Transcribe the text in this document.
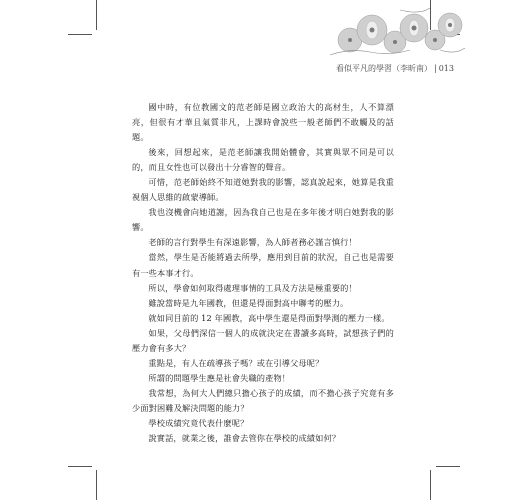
看似平凡的學習（李昕南） | 013

國中時，有位教國文的范老師是國立政治大的高材生，人不算漂亮，但很有才華且氣質非凡，上課時會說些一般老師們不敢觸及的話題。

後來，回想起來，是范老師讓我開始體會，其實與眾不同是可以的，而且女性也可以發出十分睿智的聲音。

可惜，范老師始終不知道她對我的影響，認真說起來，她算是我重視個人思維的啟蒙導師。

我也沒機會向她道謝，因為我自己也是在多年後才明白她對我的影響。

老師的言行對學生有深遠影響，為人師者務必謹言慎行！

當然，學生是否能將過去所學，應用到目前的狀況，自己也是需要有一些本事才行。

所以，學會如何取得處理事情的工具及方法是極重要的！

雖說當時是九年國教，但還是得面對高中聯考的壓力。

就如同目前的 12 年國教，高中學生還是得面對學測的壓力一樣。

如果，父母們深信一個人的成就決定在書讀多高時，試想孩子們的壓力會有多大？

重點是，有人在疏導孩子嗎？或在引導父母呢？

所謂的問題學生應是社會失職的產物！

我常想，為何大人們總只擔心孩子的成績，而不擔心孩子究竟有多少面對困難及解決問題的能力？

學校成績究竟代表什麼呢？

說實話，就業之後，誰會去管你在學校的成績如何？
